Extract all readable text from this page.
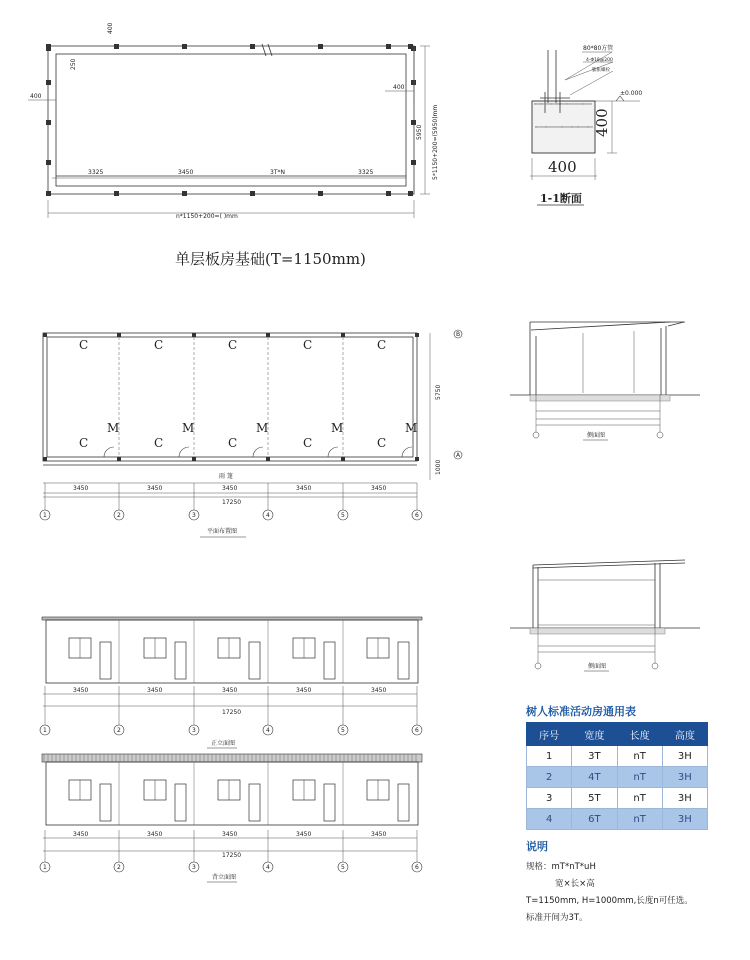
400
250
400
400
5950 5*1150+200=(5950)mm
3325	3450	3T*N	3325
n*1150+200=( )mm
80*80方管
4-Φ18@200
膨胀螺栓
±0.000
400
400
1-1断面
C
C
M
C
C
M
C
C
M
C
C
M
C
C
M
1
3450
2
3450
3
3450
4
3450
5
3450
6
17250
雨 篷
5750
1000
B
A
平面布置图
侧面图
侧面图
17250
1
3450
2
3450
3
3450
4
3450
5
3450
6
正立面图
17250
1
3450
2
3450
3
3450
4
3450
5
3450
6
背立面图
单层板房基础(T=1150mm)
树人标准活动房通用表
序号	宽度	长度	高度
1	3T	nT	3H
2	4T	nT	3H
3	5T	nT	3H
4	6T	nT	3H
说明
规格：mT*nT*uH
宽×长×高
T=1150mm, H=1000mm,长度n可任选。
标准开间为3T。
